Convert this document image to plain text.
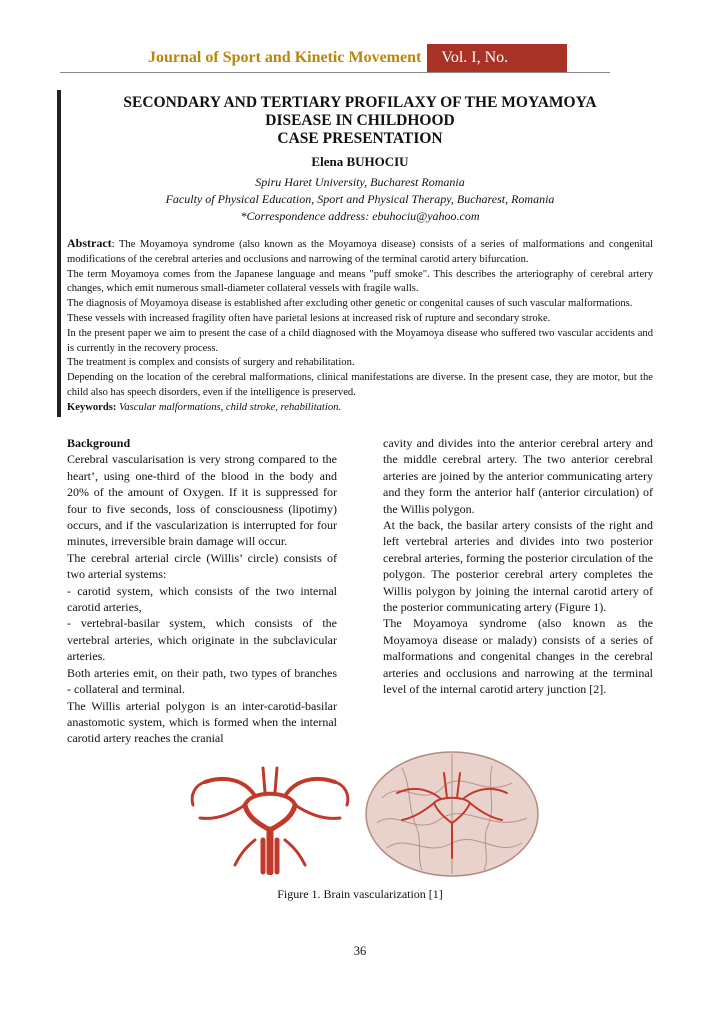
Journal of Sport and Kinetic Movement	Vol. I, No. 31/2018
SECONDARY AND TERTIARY PROFILAXY OF THE MOYAMOYA
DISEASE IN CHILDHOOD
CASE PRESENTATION
Elena BUHOCIU
Spiru Haret University, Bucharest Romania
Faculty of Physical Education, Sport and Physical Therapy, Bucharest, Romania
*Correspondence address: ebuhociu@yahoo.com

Abstract: The Moyamoya syndrome (also known as the Moyamoya disease) consists of a series of malformations and congenital modifications of the cerebral arteries and occlusions and narrowing of the terminal carotid artery bifurcation.

The term Moyamoya comes from the Japanese language and means "puff smoke". This describes the arteriography of cerebral artery changes, which emit numerous small-diameter collateral vessels with fragile walls.

The diagnosis of Moyamoya disease is established after excluding other genetic or congenital causes of such vascular malformations.

These vessels with increased fragility often have parietal lesions at increased risk of rupture and secondary stroke.

In the present paper we aim to present the case of a child diagnosed with the Moyamoya disease who suffered two vascular accidents and is currently in the recovery process.

The treatment is complex and consists of surgery and rehabilitation.

Depending on the location of the cerebral malformations, clinical manifestations are diverse. In the present case, they are motor, but the child also has speech disorders, even if the intelligence is preserved.

Keywords: Vascular malformations, child stroke, rehabilitation.

Background

Cerebral vascularisation is very strong compared to the heart’, using one-third of the blood in the body and 20% of the amount of Oxygen. If it is suppressed for four to five seconds, loss of consciousness (lipotimy) occurs, and if the vascularization is interrupted for four minutes, irreversible brain damage will occur.

The cerebral arterial circle (Willis’ circle) consists of two arterial systems:

- carotid system, which consists of the two internal carotid arteries,

- vertebral-basilar system, which consists of the vertebral arteries, which originate in the subclavicular arteries.

Both arteries emit, on their path, two types of branches - collateral and terminal.

The Willis arterial polygon is an inter-carotid-basilar anastomotic system, which is formed when the internal carotid artery reaches the cranial

cavity and divides into the anterior cerebral artery and the middle cerebral artery. The two anterior cerebral arteries are joined by the anterior communicating artery and they form the anterior half (anterior circulation) of the Willis polygon.

At the back, the basilar artery consists of the right and left vertebral arteries and divides into two posterior cerebral arteries, forming the posterior circulation of the polygon. The posterior cerebral artery completes the Willis polygon by joining the internal carotid artery of the posterior communicating artery (Figure 1).

The Moyamoya syndrome (also known as the Moyamoya disease or malady) consists of a series of malformations and congenital changes in the cerebral arteries and occlusions and narrowing at the terminal level of the internal carotid artery junction [2].

Figure 1. Brain vascularization [1]
36
